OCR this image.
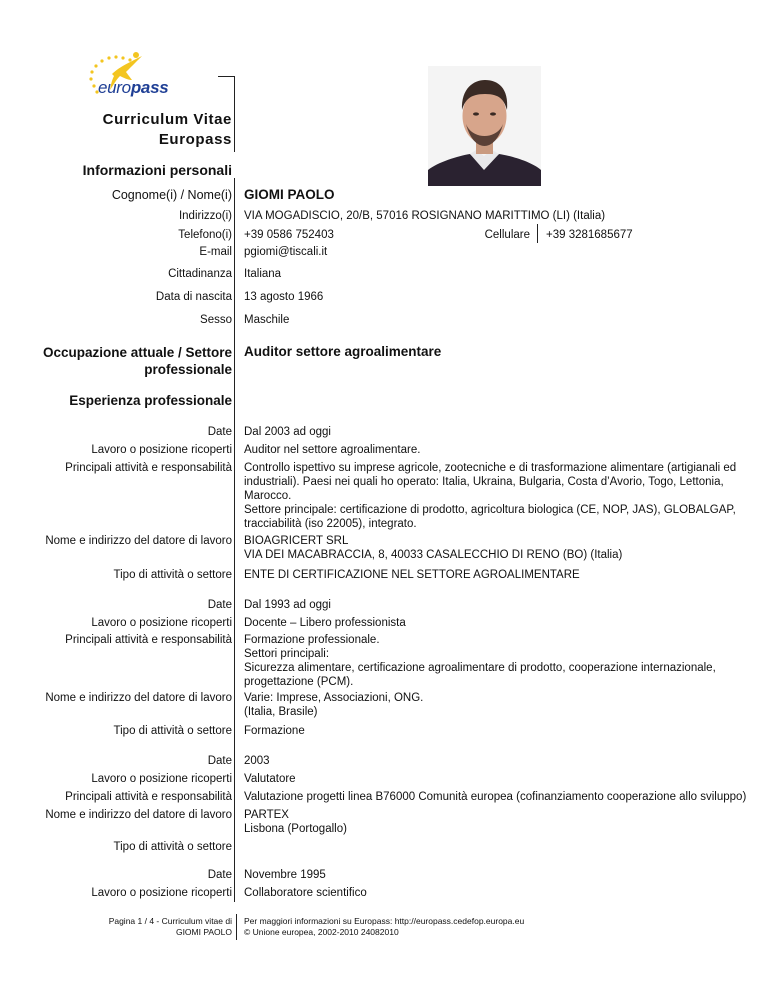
europass
Curriculum Vitae
Europass
Informazioni personali
Cognome(i) / Nome(i) GIOMI PAOLO
Indirizzo(i) VIA MOGADISCIO, 20/B, 57016 ROSIGNANO MARITTIMO (LI) (Italia)
Telefono(i) +39 0586 752403	Cellulare +39 3281685677
E-mail pgiomi@tiscali.it
Cittadinanza Italiana
Data di nascita 13 agosto 1966
Sesso Maschile
Occupazione attuale / Settore
professionale
Auditor settore agroalimentare
Esperienza professionale
Date Dal 2003 ad oggi
Lavoro o posizione ricoperti Auditor nel settore agroalimentare.
Principali attività e responsabilità Controllo ispettivo su imprese agricole, zootecniche e di trasformazione alimentare (artigianali ed
industriali). Paesi nei quali ho operato: Italia, Ukraina, Bulgaria, Costa d’Avorio, Togo, Lettonia,
Marocco.
Settore principale: certificazione di prodotto, agricoltura biologica (CE, NOP, JAS), GLOBALGAP,
tracciabilità (iso 22005), integrato.
Nome e indirizzo del datore di lavoro BIOAGRICERT SRL
VIA DEI MACABRACCIA, 8, 40033 CASALECCHIO DI RENO (BO) (Italia)
Tipo di attività o settore ENTE DI CERTIFICAZIONE NEL SETTORE AGROALIMENTARE
Date Dal 1993 ad oggi
Lavoro o posizione ricoperti Docente – Libero professionista
Principali attività e responsabilità Formazione professionale.
Settori principali:
Sicurezza alimentare, certificazione agroalimentare di prodotto, cooperazione internazionale,
progettazione (PCM).
Nome e indirizzo del datore di lavoro Varie: Imprese, Associazioni, ONG.
(Italia, Brasile)
Tipo di attività o settore Formazione
Date 2003
Lavoro o posizione ricoperti Valutatore
Principali attività e responsabilità Valutazione progetti linea B76000 Comunità europea (cofinanziamento cooperazione allo sviluppo)
Nome e indirizzo del datore di lavoro PARTEX
Lisbona (Portogallo)
Tipo di attività o settore
Date Novembre 1995
Lavoro o posizione ricoperti Collaboratore scientifico
Pagina 1 / 4 - Curriculum vitae di
GIOMI PAOLO
Per maggiori informazioni su Europass: http://europass.cedefop.europa.eu
© Unione europea, 2002-2010 24082010
